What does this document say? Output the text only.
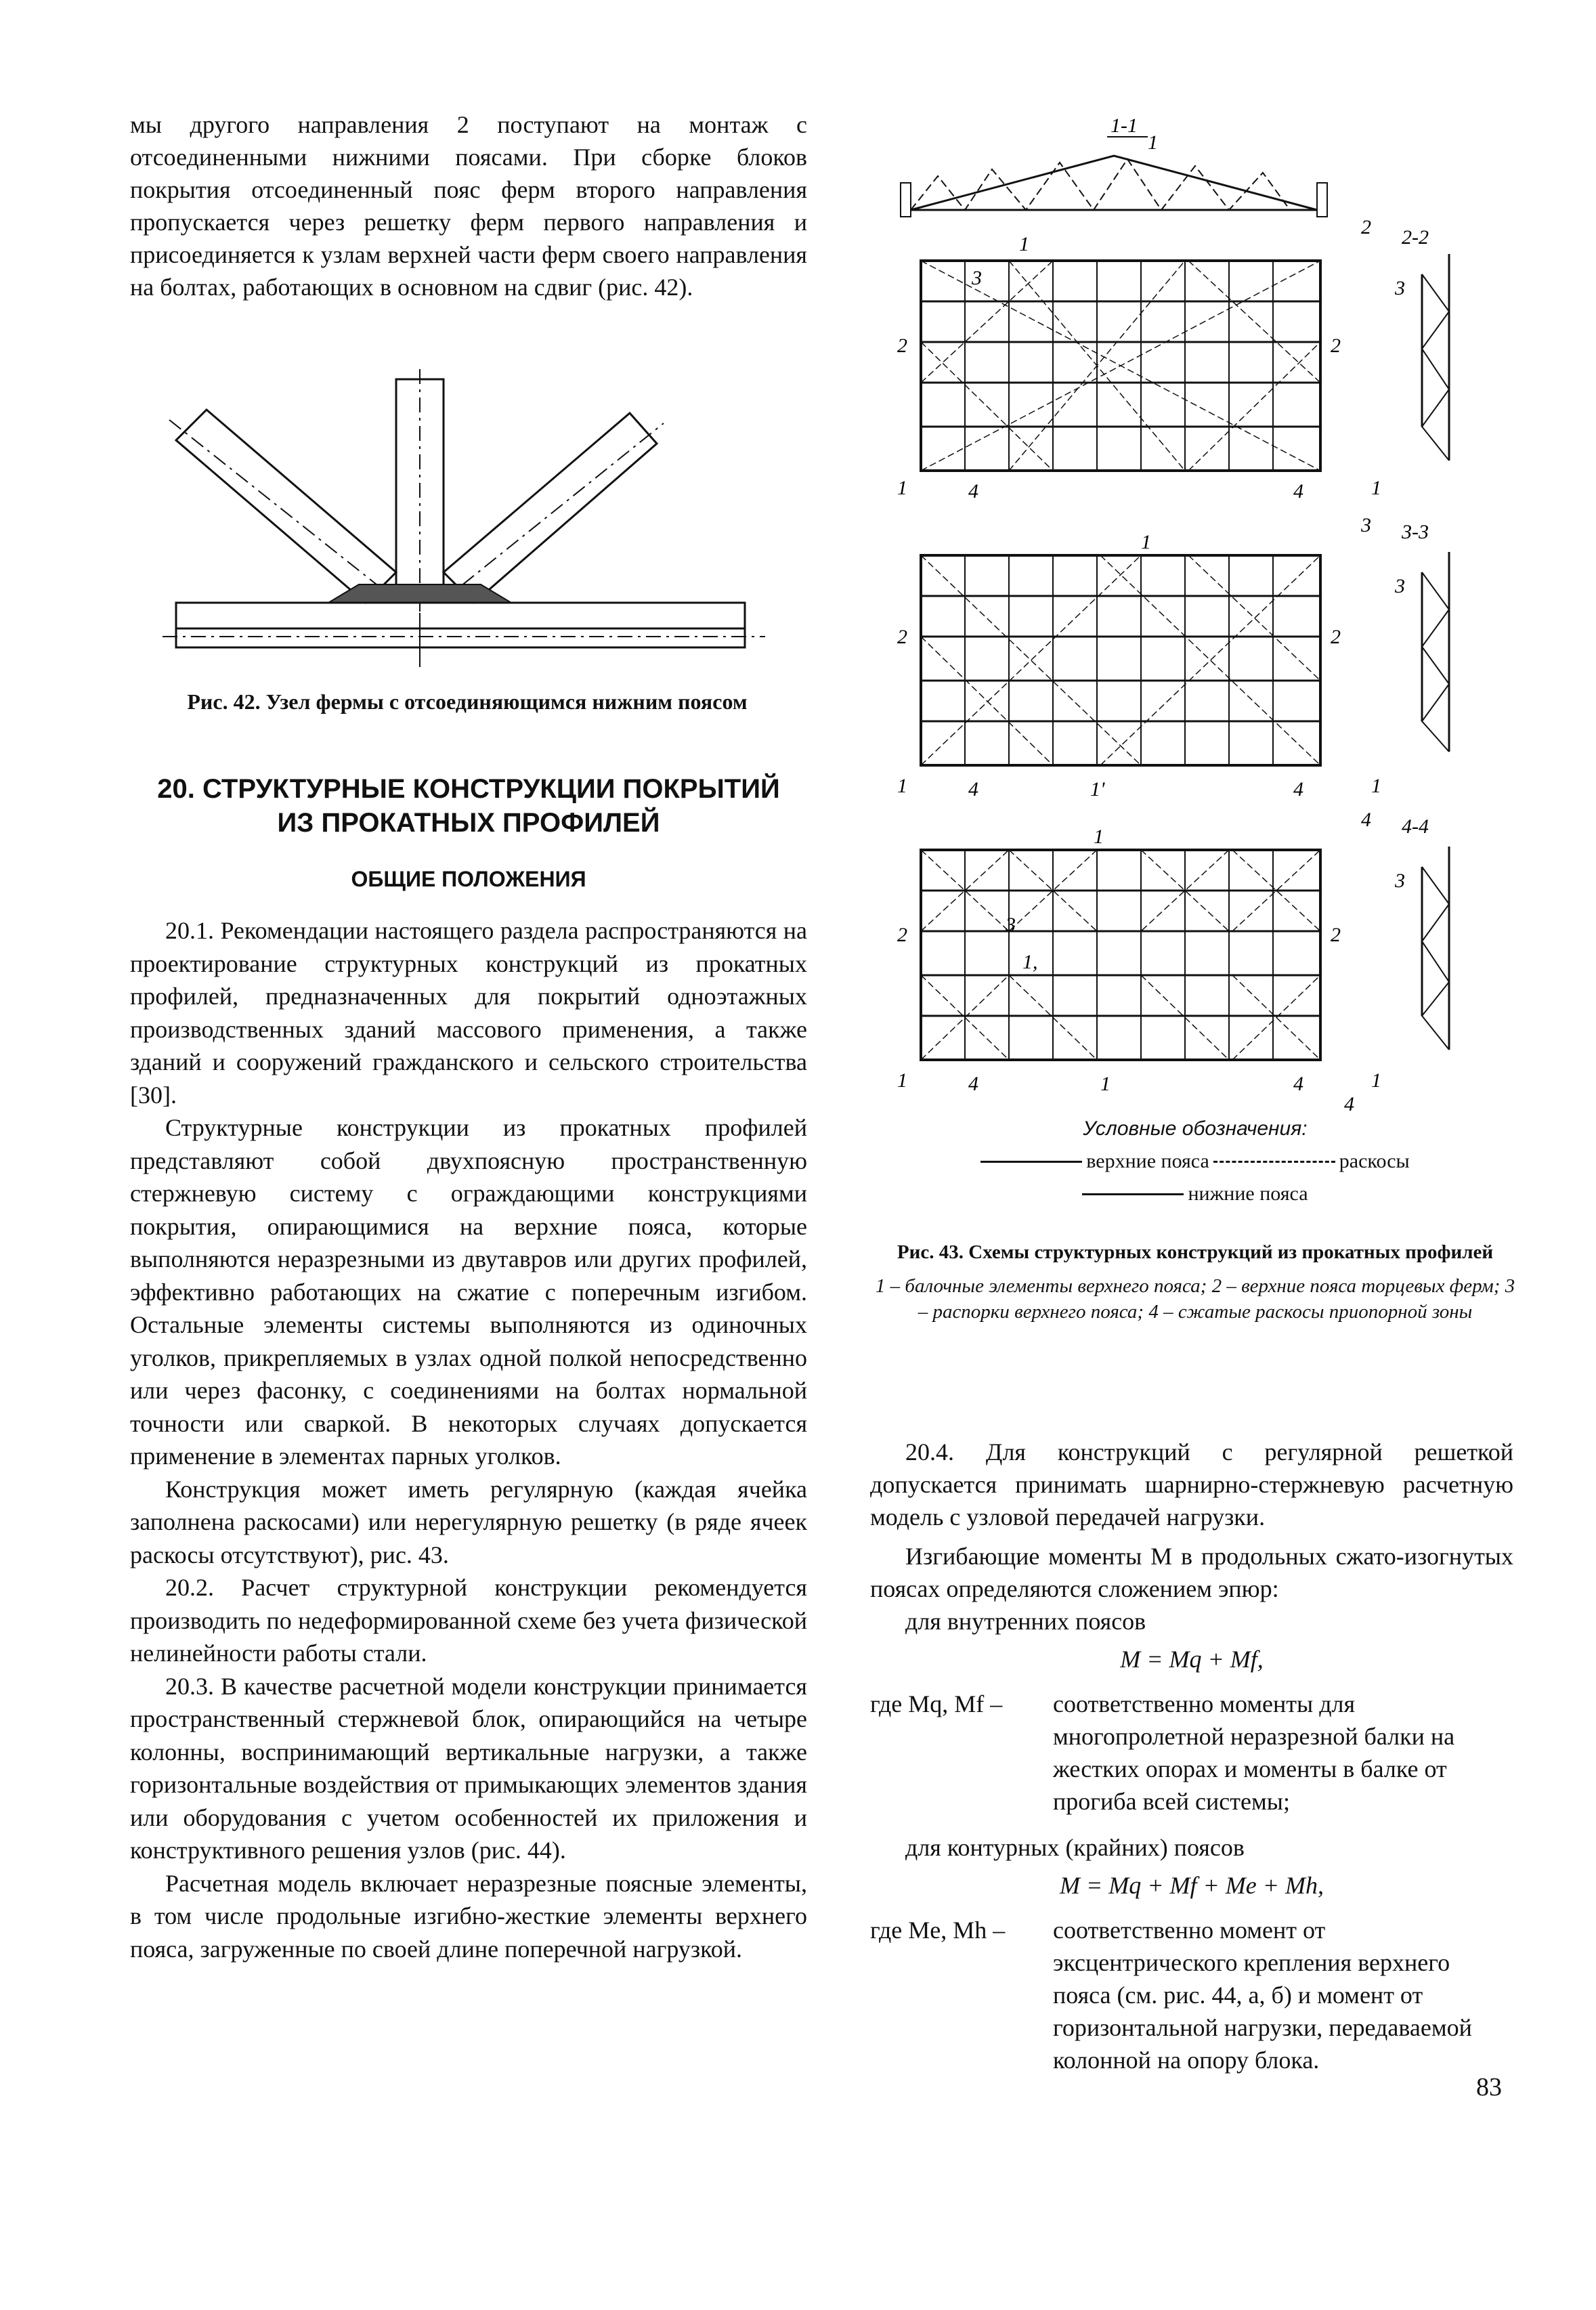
мы другого направления 2 поступают на монтаж с отсоединенными нижними поясами. При сборке блоков покрытия отсоединенный пояс ферм второго направления пропускается через решетку ферм первого направления и присоединяется к узлам верхней части ферм своего направления на болтах, работающих в основном на сдвиг (рис. 42).

Рис. 42. Узел фермы с отсоединяющимся нижним поясом
20. СТРУКТУРНЫЕ КОНСТРУКЦИИ ПОКРЫТИЙ
ИЗ ПРОКАТНЫХ ПРОФИЛЕЙ
ОБЩИЕ ПОЛОЖЕНИЯ

20.1. Рекомендации настоящего раздела распространяются на проектирование структурных конструкций из прокатных профилей, предназначенных для покрытий одноэтажных производственных зданий массового применения, а также зданий и сооружений гражданского и сельского строительства [30].

Структурные конструкции из прокатных профилей представляют собой двухпоясную пространственную стержневую систему с ограждающими конструкциями покрытия, опирающимися на верхние пояса, которые выполняются неразрезными из двутавров или других профилей, эффективно работающих на сжатие с поперечным изгибом. Остальные элементы системы выполняются из одиночных уголков, прикрепляемых в узлах одной полкой непосредственно или через фасонку, с соединениями на болтах нормальной точности или сваркой. В некоторых случаях допускается применение в элементах парных уголков.

Конструкция может иметь регулярную (каждая ячейка заполнена раскосами) или нерегулярную решетку (в ряде ячеек раскосы отсутствуют), рис. 43.

20.2. Расчет структурной конструкции рекомендуется производить по недеформированной схеме без учета физической нелинейности работы стали.

20.3. В качестве расчетной модели конструкции принимается пространственный стержневой блок, опирающийся на четыре колонны, воспринимающий вертикальные нагрузки, а также горизонтальные воздействия от примыкающих элементов здания или оборудования с учетом особенностей их приложения и конструктивного решения узлов (рис. 44).

Расчетная модель включает неразрезные поясные элементы, в том числе продольные изгибно-жесткие элементы верхнего пояса, загруженные по своей длине поперечной нагрузкой.

1-1
1
1
2	2
3
1	4	4	1
2 2-2
3
1
2	2
1	4	1'	4	1
3 3-3
3
1
2	2
3
1,
1	4	1	4	1
4
4
4-4
3
Условные обозначения:
верхние пояса	раскосы
нижние пояса
Рис. 43. Схемы структурных конструкций из прокатных профилей
1 – балочные элементы верхнего пояса; 2 – верхние пояса торцевых ферм; 3 – распорки верхнего пояса; 4 – сжатые раскосы приопорной зоны

20.4. Для конструкций с регулярной решеткой допускается принимать шарнирно-стержневую расчетную модель с узловой передачей нагрузки.

Изгибающие моменты M в продольных сжато-изогнутых поясах определяются сложением эпюр:

для внутренних поясов

M = Mq + Mf,
где Mq, Mf –	соответственно моменты для многопролетной неразрезной балки на жестких опорах и моменты в балке от прогиба всей системы;

для контурных (крайних) поясов

M = Mq + Mf + Me + Mh,
где Me, Mh –	соответственно момент от эксцентрического крепления верхнего пояса (см. рис. 44, а, б) и момент от горизонтальной нагрузки, передаваемой колонной на опору блока.
83
